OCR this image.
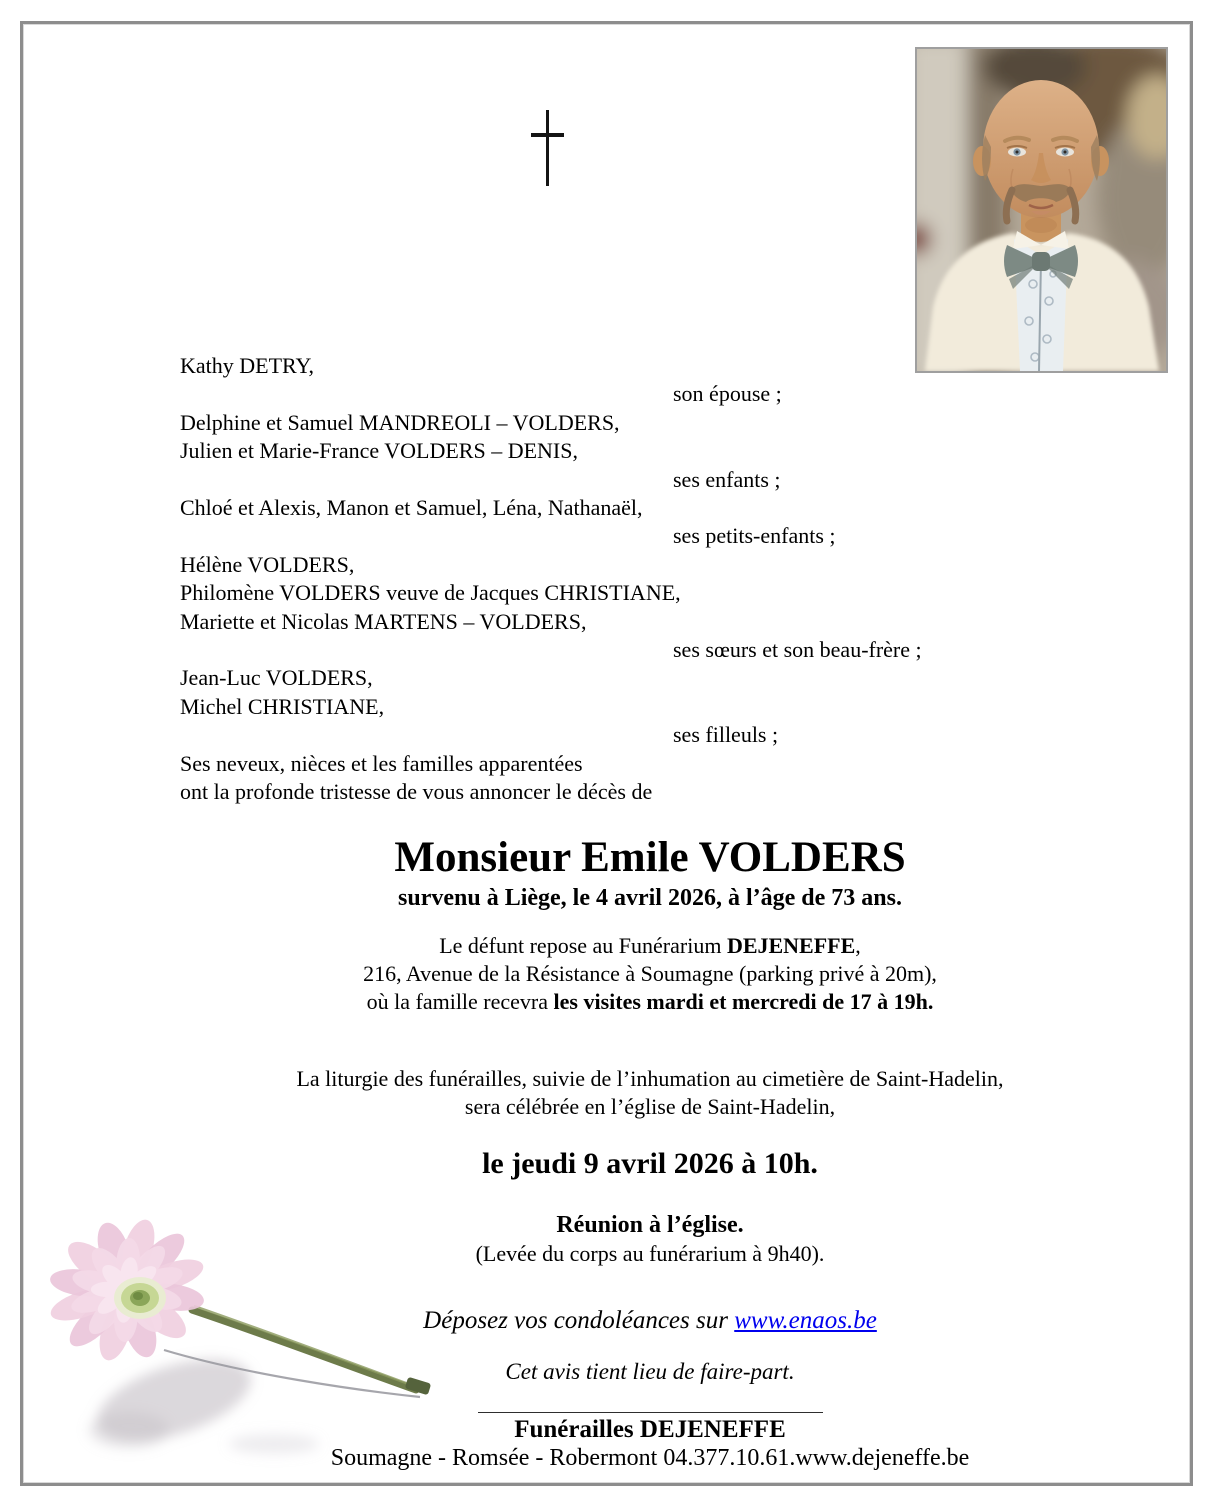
Kathy DETRY,
son épouse ;
Delphine et Samuel MANDREOLI – VOLDERS,
Julien et Marie-France VOLDERS – DENIS,
ses enfants ;
Chloé et Alexis, Manon et Samuel, Léna, Nathanaël,
ses petits-enfants ;
Hélène VOLDERS,
Philomène VOLDERS veuve de Jacques CHRISTIANE,
Mariette et Nicolas MARTENS – VOLDERS,
ses sœurs et son beau-frère ;
Jean-Luc VOLDERS,
Michel CHRISTIANE,
ses filleuls ;
Ses neveux, nièces et les familles apparentées
ont la profonde tristesse de vous annoncer le décès de
Monsieur Emile VOLDERS
survenu à Liège, le 4 avril 2026, à l’âge de 73 ans.
Le défunt repose au Funérarium DEJENEFFE,
216, Avenue de la Résistance à Soumagne (parking privé à 20m),
où la famille recevra les visites mardi et mercredi de 17 à 19h.
La liturgie des funérailles, suivie de l’inhumation au cimetière de Saint-Hadelin,
sera célébrée en l’église de Saint-Hadelin,
le jeudi 9 avril 2026 à 10h.
Réunion à l’église.
(Levée du corps au funérarium à 9h40).
Déposez vos condoléances sur www.enaos.be
Cet avis tient lieu de faire-part.
Funérailles DEJENEFFE
Soumagne - Romsée - Robermont 04.377.10.61.www.dejeneffe.be
